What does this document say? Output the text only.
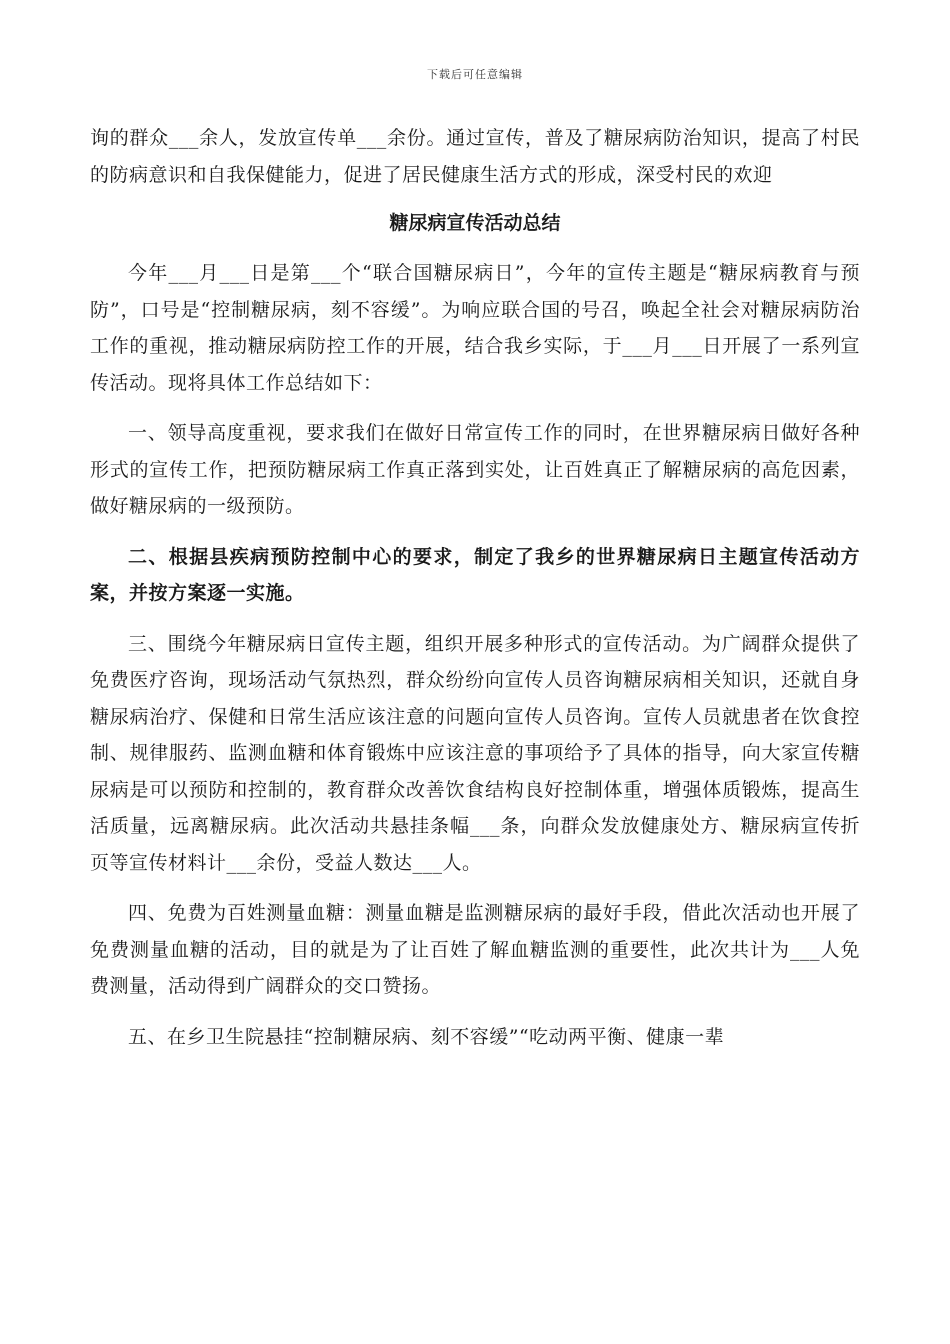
下载后可任意编辑

询的群众___余人，发放宣传单___余份。通过宣传，普及了糖尿病防治知识，提高了村民的防病意识和自我保健能力，促进了居民健康生活方式的形成，深受村民的欢迎

糖尿病宣传活动总结

今年___月___日是第___个“联合国糖尿病日”，今年的宣传主题是“糖尿病教育与预防”，口号是“控制糖尿病，刻不容缓”。为响应联合国的号召，唤起全社会对糖尿病防治工作的重视，推动糖尿病防控工作的开展，结合我乡实际，于___月___日开展了一系列宣传活动。现将具体工作总结如下：

一、领导高度重视，要求我们在做好日常宣传工作的同时，在世界糖尿病日做好各种形式的宣传工作，把预防糖尿病工作真正落到实处，让百姓真正了解糖尿病的高危因素，做好糖尿病的一级预防。

二、根据县疾病预防控制中心的要求，制定了我乡的世界糖尿病日主题宣传活动方案，并按方案逐一实施。

三、围绕今年糖尿病日宣传主题，组织开展多种形式的宣传活动。为广阔群众提供了免费医疗咨询，现场活动气氛热烈，群众纷纷向宣传人员咨询糖尿病相关知识，还就自身糖尿病治疗、保健和日常生活应该注意的问题向宣传人员咨询。宣传人员就患者在饮食控制、规律服药、监测血糖和体育锻炼中应该注意的事项给予了具体的指导，向大家宣传糖尿病是可以预防和控制的，教育群众改善饮食结构良好控制体重，增强体质锻炼，提高生活质量，远离糖尿病。此次活动共悬挂条幅___条，向群众发放健康处方、糖尿病宣传折页等宣传材料计___余份，受益人数达___人。

四、免费为百姓测量血糖：测量血糖是监测糖尿病的最好手段，借此次活动也开展了免费测量血糖的活动，目的就是为了让百姓了解血糖监测的重要性，此次共计为___人免费测量，活动得到广阔群众的交口赞扬。

五、在乡卫生院悬挂“控制糖尿病、刻不容缓”“吃动两平衡、健康一辈
